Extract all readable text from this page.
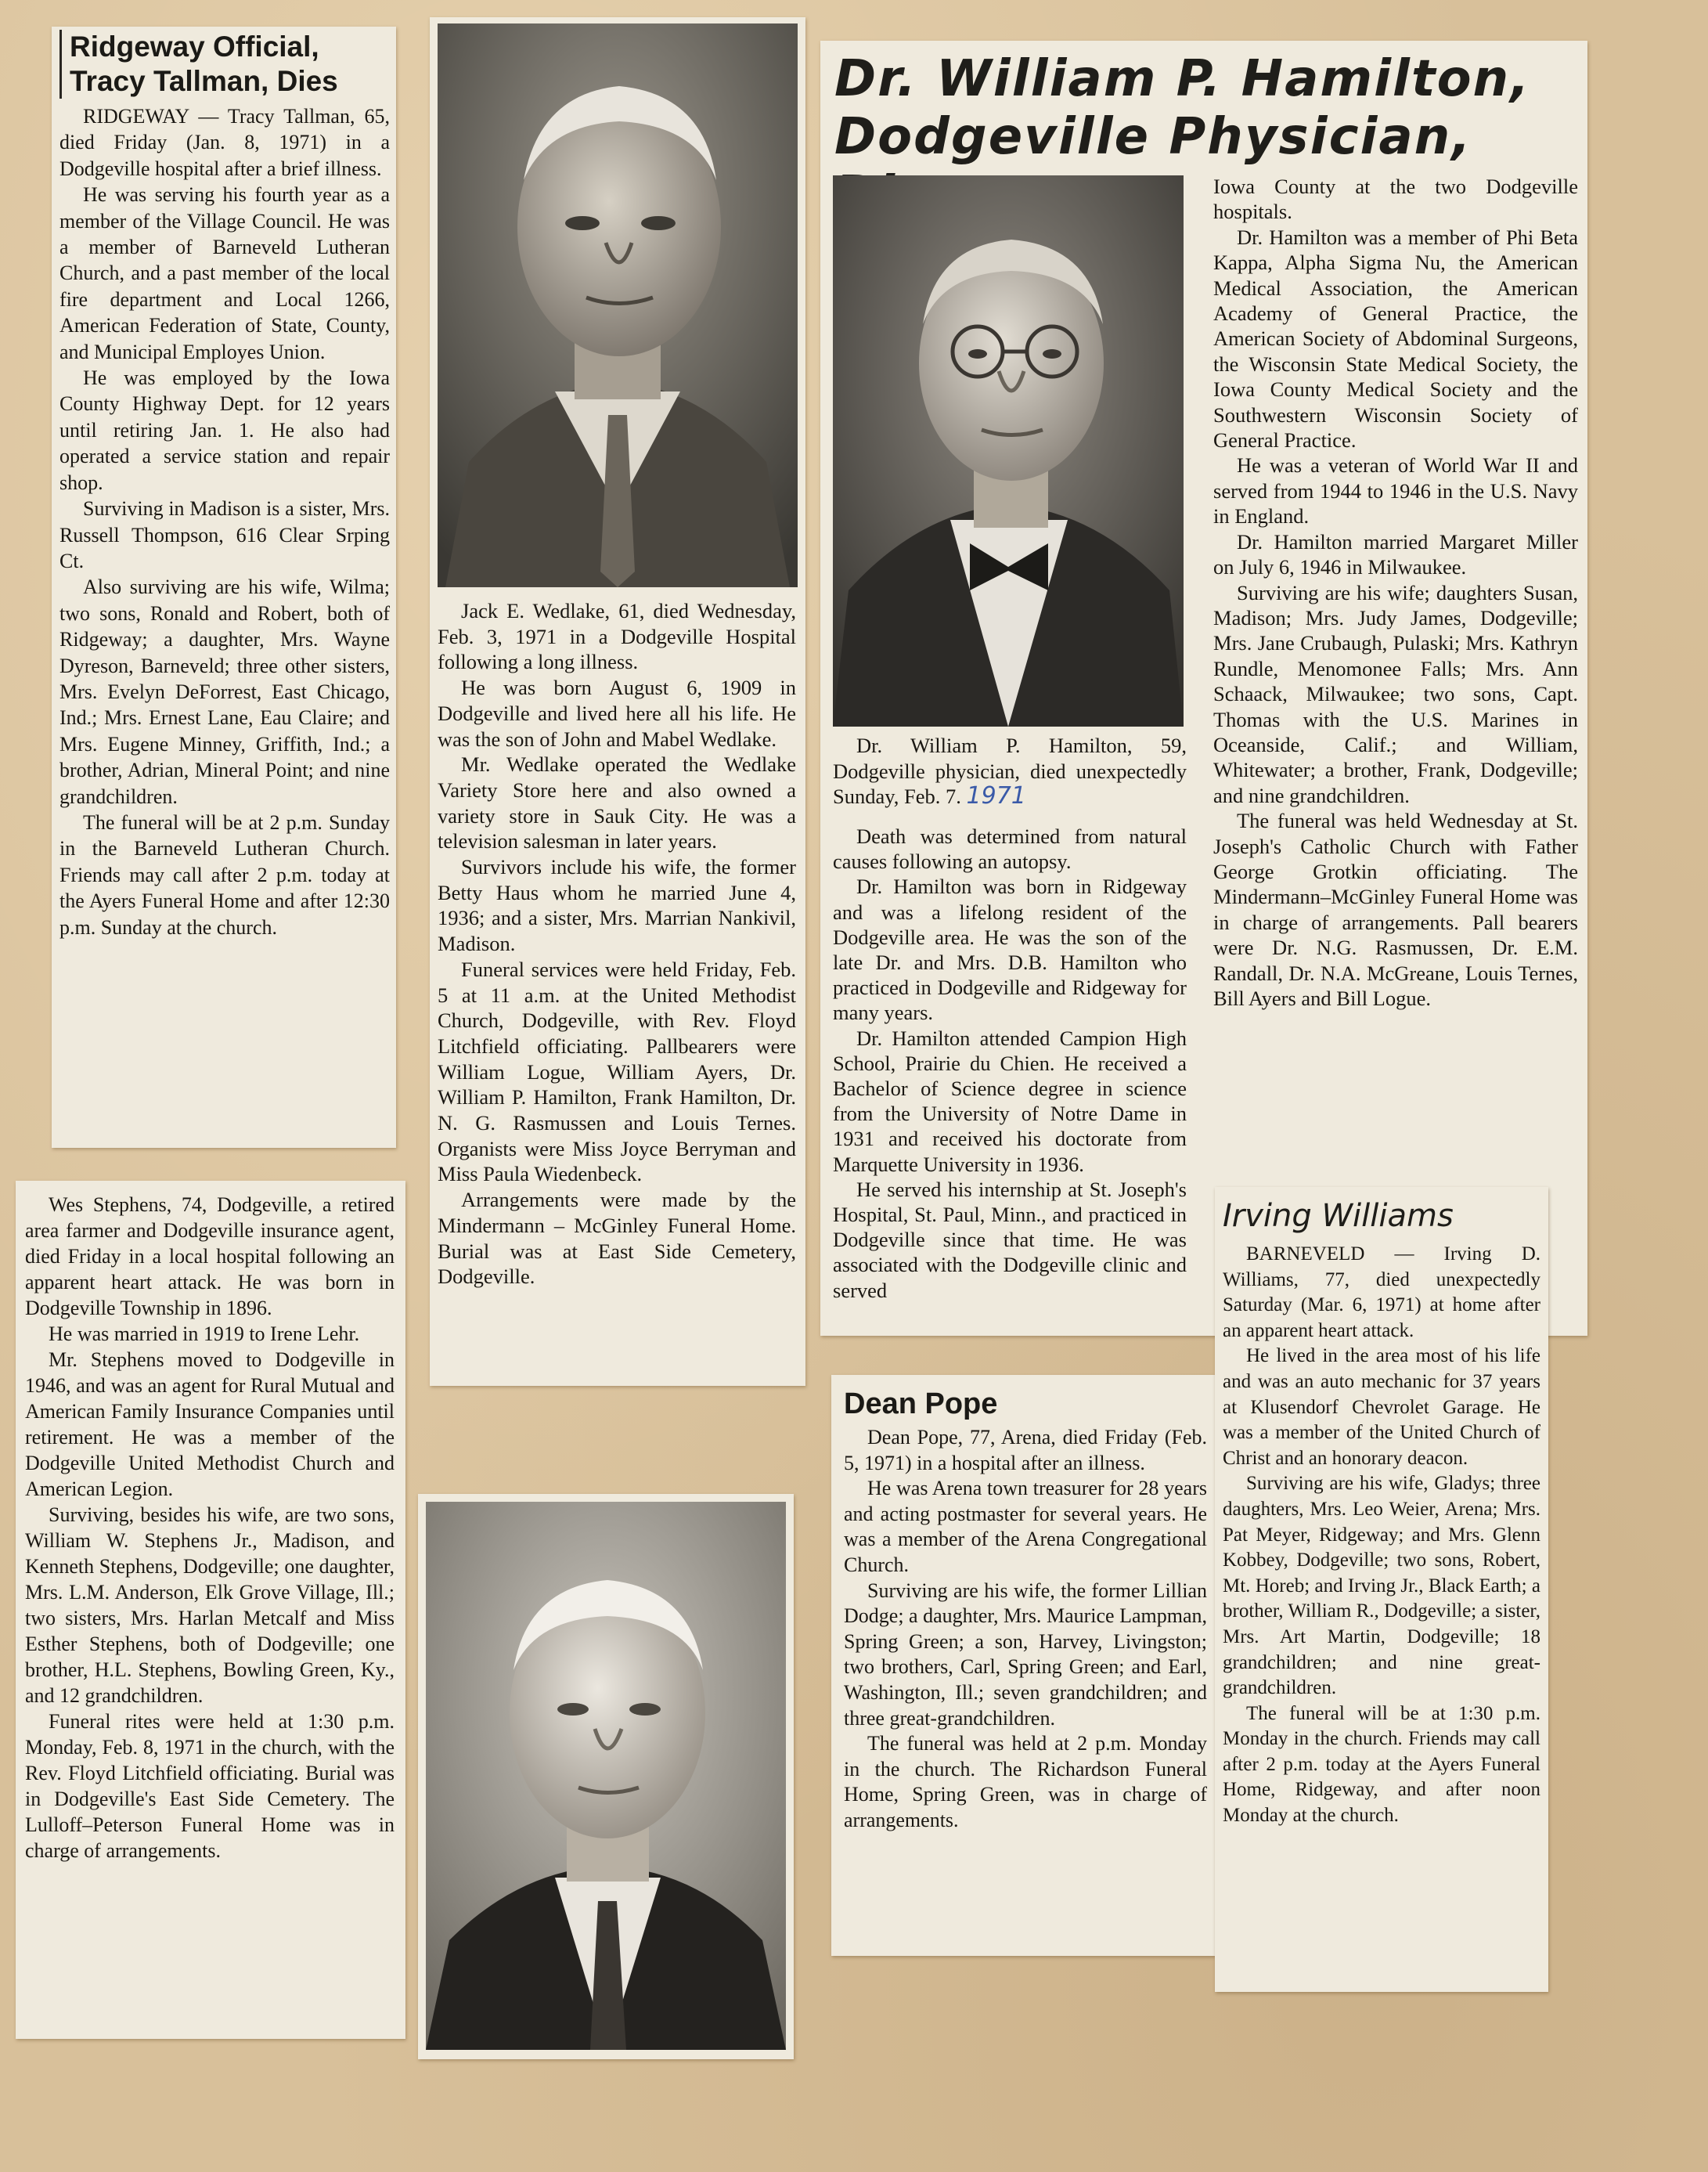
Ridgeway Official,
Tracy Tallman, Dies

RIDGEWAY — Tracy Tallman, 65, died Friday (Jan. 8, 1971) in a Dodgeville hospital after a brief illness.

He was serving his fourth year as a member of the Village Council. He was a member of Barneveld Lutheran Church, and a past member of the local fire department and Local 1266, American Federation of State, County, and Municipal Employes Union.

He was employed by the Iowa County Highway Dept. for 12 years until retiring Jan. 1. He also had operated a service station and repair shop.

Surviving in Madison is a sister, Mrs. Russell Thompson, 616 Clear Srping Ct.

Also surviving are his wife, Wilma; two sons, Ronald and Robert, both of Ridgeway; a daughter, Mrs. Wayne Dyreson, Barneveld; three other sisters, Mrs. Evelyn DeForrest, East Chicago, Ind.; Mrs. Ernest Lane, Eau Claire; and Mrs. Eugene Minney, Griffith, Ind.; a brother, Adrian, Mineral Point; and nine grandchildren.

The funeral will be at 2 p.m. Sunday in the Barneveld Lutheran Church. Friends may call after 2 p.m. today at the Ayers Funeral Home and after 12:30 p.m. Sunday at the church.

Jack E. Wedlake, 61, died Wednesday, Feb. 3, 1971 in a Dodgeville Hospital following a long illness.

He was born August 6, 1909 in Dodgeville and lived here all his life. He was the son of John and Mabel Wedlake.

Mr. Wedlake operated the Wedlake Variety Store here and also owned a variety store in Sauk City. He was a television salesman in later years.

Survivors include his wife, the former Betty Haus whom he married June 4, 1936; and a sister, Mrs. Marrian Nankivil, Madison.

Funeral services were held Friday, Feb. 5 at 11 a.m. at the United Methodist Church, Dodgeville, with Rev. Floyd Litchfield officiating. Pallbearers were William Logue, William Ayers, Dr. William P. Hamilton, Frank Hamilton, Dr. N. G. Rasmussen and Louis Ternes. Organists were Miss Joyce Berryman and Miss Paula Wiedenbeck.

Arrangements were made by the Mindermann – McGinley Funeral Home. Burial was at East Side Cemetery, Dodgeville.

Dr. William P. Hamilton,
Dodgeville Physician,

Dr. William P. Hamilton, 59, Dodgeville physician, died unexpectedly Sunday, Feb. 7. 1971

Death was determined from natural causes following an autopsy.

Dr. Hamilton was born in Ridgeway and was a lifelong resident of the Dodgeville area. He was the son of the late Dr. and Mrs. D.B. Hamilton who practiced in Dodgeville and Ridgeway for many years.

Dr. Hamilton attended Campion High School, Prairie du Chien. He received a Bachelor of Science degree in science from the University of Notre Dame in 1931 and received his doctorate from Marquette University in 1936.

He served his internship at St. Joseph's Hospital, St. Paul, Minn., and practiced in Dodgeville since that time. He was associated with the Dodgeville clinic and served

Iowa County at the two Dodgeville hospitals.

Dr. Hamilton was a member of Phi Beta Kappa, Alpha Sigma Nu, the American Medical Association, the American Academy of General Practice, the American Society of Abdominal Surgeons, the Wisconsin State Medical Society, the Iowa County Medical Society and the Southwestern Wisconsin Society of General Practice.

He was a veteran of World War II and served from 1944 to 1946 in the U.S. Navy in England.

Dr. Hamilton married Margaret Miller on July 6, 1946 in Milwaukee.

Surviving are his wife; daughters Susan, Madison; Mrs. Judy James, Dodgeville; Mrs. Jane Crubaugh, Pulaski; Mrs. Kathryn Rundle, Menomonee Falls; Mrs. Ann Schaack, Milwaukee; two sons, Capt. Thomas with the U.S. Marines in Oceanside, Calif.; and William, Whitewater; a brother, Frank, Dodgeville; and nine grandchildren.

The funeral was held Wednesday at St. Joseph's Catholic Church with Father George Grotkin officiating. The Mindermann–McGinley Funeral Home was in charge of arrangements. Pall bearers were Dr. N.G. Rasmussen, Dr. E.M. Randall, Dr. N.A. McGreane, Louis Ternes, Bill Ayers and Bill Logue.

Wes Stephens, 74, Dodgeville, a retired area farmer and Dodgeville insurance agent, died Friday in a local hospital following an apparent heart attack. He was born in Dodgeville Township in 1896.

He was married in 1919 to Irene Lehr.

Mr. Stephens moved to Dodgeville in 1946, and was an agent for Rural Mutual and American Family Insurance Companies until retirement. He was a member of the Dodgeville United Methodist Church and American Legion.

Surviving, besides his wife, are two sons, William W. Stephens Jr., Madison, and Kenneth Stephens, Dodgeville; one daughter, Mrs. L.M. Anderson, Elk Grove Village, Ill.; two sisters, Mrs. Harlan Metcalf and Miss Esther Stephens, both of Dodgeville; one brother, H.L. Stephens, Bowling Green, Ky., and 12 grandchildren.

Funeral rites were held at 1:30 p.m. Monday, Feb. 8, 1971 in the church, with the Rev. Floyd Litchfield officiating. Burial was in Dodgeville's East Side Cemetery. The Lulloff–Peterson Funeral Home was in charge of arrangements.

Dean Pope

Dean Pope, 77, Arena, died Friday (Feb. 5, 1971) in a hospital after an illness.

He was Arena town treasurer for 28 years and acting postmaster for several years. He was a member of the Arena Congregational Church.

Surviving are his wife, the former Lillian Dodge; a daughter, Mrs. Maurice Lampman, Spring Green; a son, Harvey, Livingston; two brothers, Carl, Spring Green; and Earl, Washington, Ill.; seven grandchildren; and three great-grandchildren.

The funeral was held at 2 p.m. Monday in the church. The Richardson Funeral Home, Spring Green, was in charge of arrangements.

Irving Williams

BARNEVELD — Irving D. Williams, 77, died unexpectedly Saturday (Mar. 6, 1971) at home after an apparent heart attack.

He lived in the area most of his life and was an auto mechanic for 37 years at Klusendorf Chevrolet Garage. He was a member of the United Church of Christ and an honorary deacon.

Surviving are his wife, Gladys; three daughters, Mrs. Leo Weier, Arena; Mrs. Pat Meyer, Ridgeway; and Mrs. Glenn Kobbey, Dodgeville; two sons, Robert, Mt. Horeb; and Irving Jr., Black Earth; a brother, William R., Dodgeville; a sister, Mrs. Art Martin, Dodgeville; 18 grandchildren; and nine great-grandchildren.

The funeral will be at 1:30 p.m. Monday in the church. Friends may call after 2 p.m. today at the Ayers Funeral Home, Ridgeway, and after noon Monday at the church.
